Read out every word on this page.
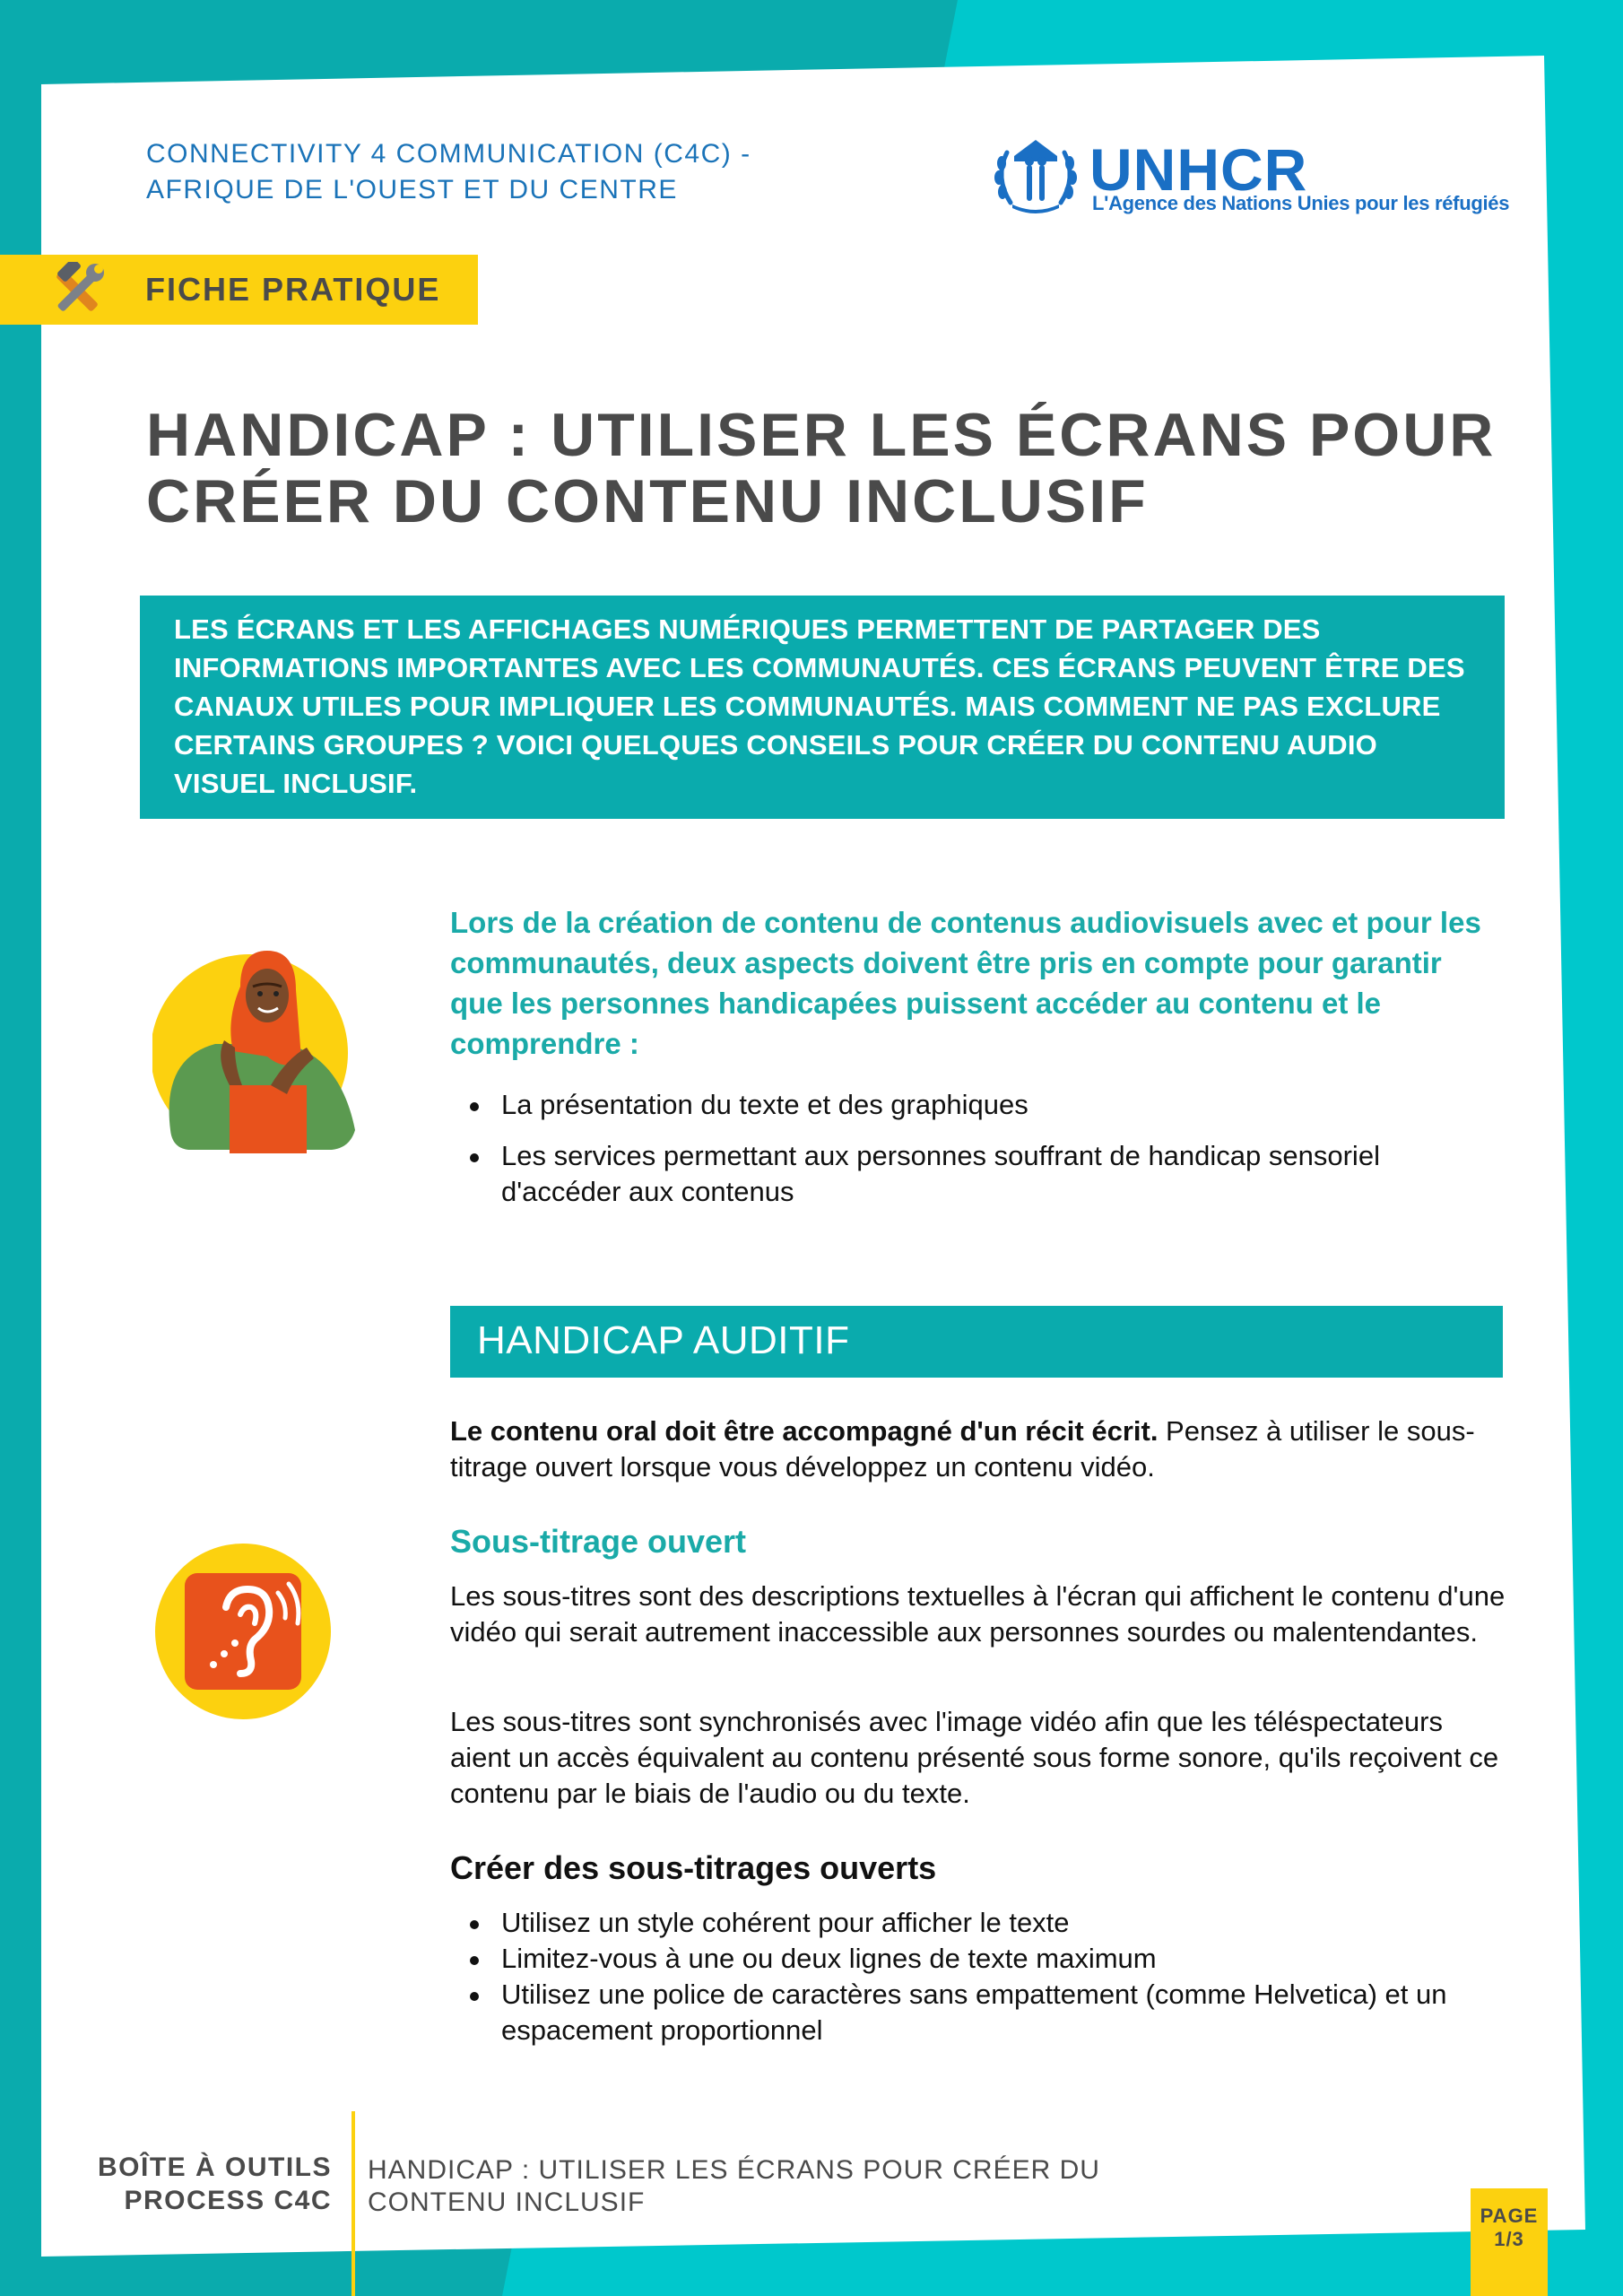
CONNECTIVITY 4 COMMUNICATION (C4C) -
AFRIQUE DE L'OUEST ET DU CENTRE	UNHCR
L'Agence des Nations Unies pour les réfugiés
FICHE PRATIQUE
HANDICAP : UTILISER LES ÉCRANS POUR
CRÉER DU CONTENU INCLUSIF
LES ÉCRANS ET LES AFFICHAGES NUMÉRIQUES PERMETTENT DE PARTAGER DES INFORMATIONS IMPORTANTES AVEC LES COMMUNAUTÉS. CES ÉCRANS PEUVENT ÊTRE DES CANAUX UTILES POUR IMPLIQUER LES COMMUNAUTÉS. MAIS COMMENT NE PAS EXCLURE CERTAINS GROUPES ? VOICI QUELQUES CONSEILS POUR CRÉER DU CONTENU AUDIO VISUEL INCLUSIF.
Lors de la création de contenu de contenus audiovisuels avec et pour les communautés, deux aspects doivent être pris en compte pour garantir que les personnes handicapées puissent accéder au contenu et le comprendre :
La présentation du texte et des graphiques
Les services permettant aux personnes souffrant de handicap sensoriel d'accéder aux contenus
HANDICAP AUDITIF
Le contenu oral doit être accompagné d'un récit écrit. Pensez à utiliser le sous-titrage ouvert lorsque vous développez un contenu vidéo.
Sous-titrage ouvert
Les sous-titres sont des descriptions textuelles à l'écran qui affichent le contenu d'une vidéo qui serait autrement inaccessible aux personnes sourdes ou malentendantes.
Les sous-titres sont synchronisés avec l'image vidéo afin que les téléspectateurs aient un accès équivalent au contenu présenté sous forme sonore, qu'ils reçoivent ce contenu par le biais de l'audio ou du texte.
Créer des sous-titrages ouverts
Utilisez un style cohérent pour afficher le texte
Limitez-vous à une ou deux lignes de texte maximum
Utilisez une police de caractères sans empattement (comme Helvetica) et un espacement proportionnel
BOÎTE À OUTILS
PROCESS C4C
HANDICAP : UTILISER LES ÉCRANS POUR CRÉER DU
CONTENU INCLUSIF	PAGE
1/3
